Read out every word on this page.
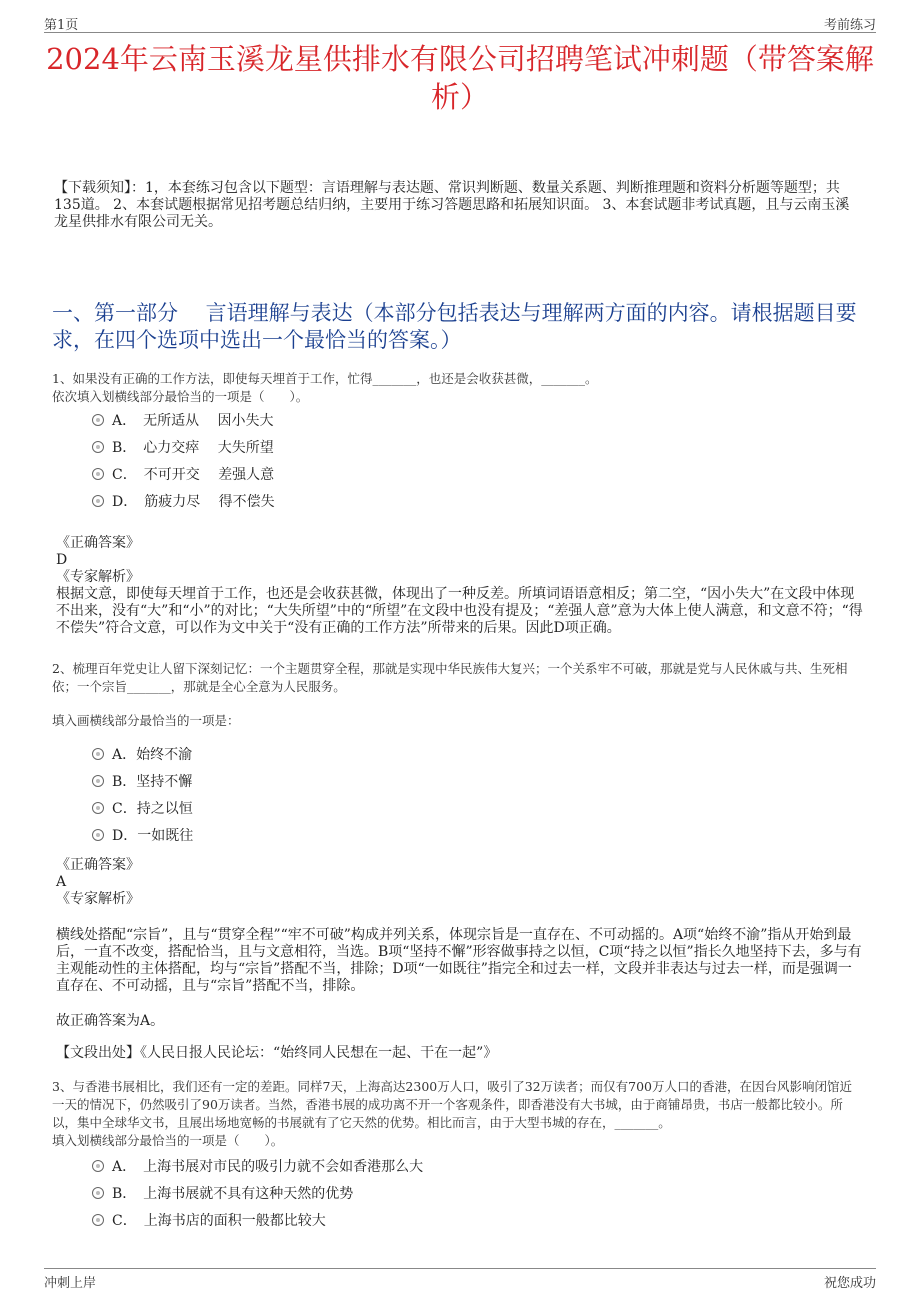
第1页	考前练习
2024年云南玉溪龙星供排水有限公司招聘笔试冲刺题（带答案解析）
【下载须知】：1，本套练习包含以下题型：言语理解与表达题、常识判断题、数量关系题、判断推理题和资料分析题等题型；共135道。 2、本套试题根据常见招考题总结归纳，主要用于练习答题思路和拓展知识面。 3、本套试题非考试真题，且与云南玉溪龙星供排水有限公司无关。
一、第一部分　 言语理解与表达（本部分包括表达与理解两方面的内容。请根据题目要求，在四个选项中选出一个最恰当的答案。）
1、如果没有正确的工作方法，即使每天埋首于工作，忙得_______，也还是会收获甚微，_______。
依次填入划横线部分最恰当的一项是（　　）。
A．　无所适从　 因小失大
B．　心力交瘁　 大失所望
C．　不可开交　 差强人意
D．　筋疲力尽　 得不偿失
《正确答案》
D
《专家解析》
根据文意，即使每天埋首于工作，也还是会收获甚微，体现出了一种反差。所填词语语意相反；第二空，“因小失大”在文段中体现不出来，没有“大”和“小”的对比；“大失所望”中的“所望”在文段中也没有提及；“差强人意”意为大体上使人满意，和文意不符；“得不偿失”符合文意，可以作为文中关于“没有正确的工作方法”所带来的后果。因此D项正确。
2、梳理百年党史让人留下深刻记忆：一个主题贯穿全程，那就是实现中华民族伟大复兴；一个关系牢不可破，那就是党与人民休戚与共、生死相依；一个宗旨_______，那就是全心全意为人民服务。
填入画横线部分最恰当的一项是：
A．始终不渝
B．坚持不懈
C．持之以恒
D．一如既往
《正确答案》
A
《专家解析》
横线处搭配“宗旨”，且与“贯穿全程”“牢不可破”构成并列关系，体现宗旨是一直存在、不可动摇的。A项“始终不渝”指从开始到最后，一直不改变，搭配恰当，且与文意相符，当选。B项“坚持不懈”形容做事持之以恒，C项“持之以恒”指长久地坚持下去，多与有主观能动性的主体搭配，均与“宗旨”搭配不当，排除；D项“一如既往”指完全和过去一样，文段并非表达与过去一样，而是强调一直存在、不可动摇，且与“宗旨”搭配不当，排除。
故正确答案为A。
【文段出处】《人民日报人民论坛：“始终同人民想在一起、干在一起”》
3、与香港书展相比，我们还有一定的差距。同样7天，上海高达2300万人口，吸引了32万读者；而仅有700万人口的香港，在因台风影响闭馆近一天的情况下，仍然吸引了90万读者。当然，香港书展的成功离不开一个客观条件，即香港没有大书城，由于商铺昂贵，书店一般都比较小。所以，集中全球华文书，且展出场地宽畅的书展就有了它天然的优势。相比而言，由于大型书城的存在，_______。
填入划横线部分最恰当的一项是（　　）。
A．　上海书展对市民的吸引力就不会如香港那么大
B．　上海书展就不具有这种天然的优势
C．　上海书店的面积一般都比较大
冲刺上岸	祝您成功
